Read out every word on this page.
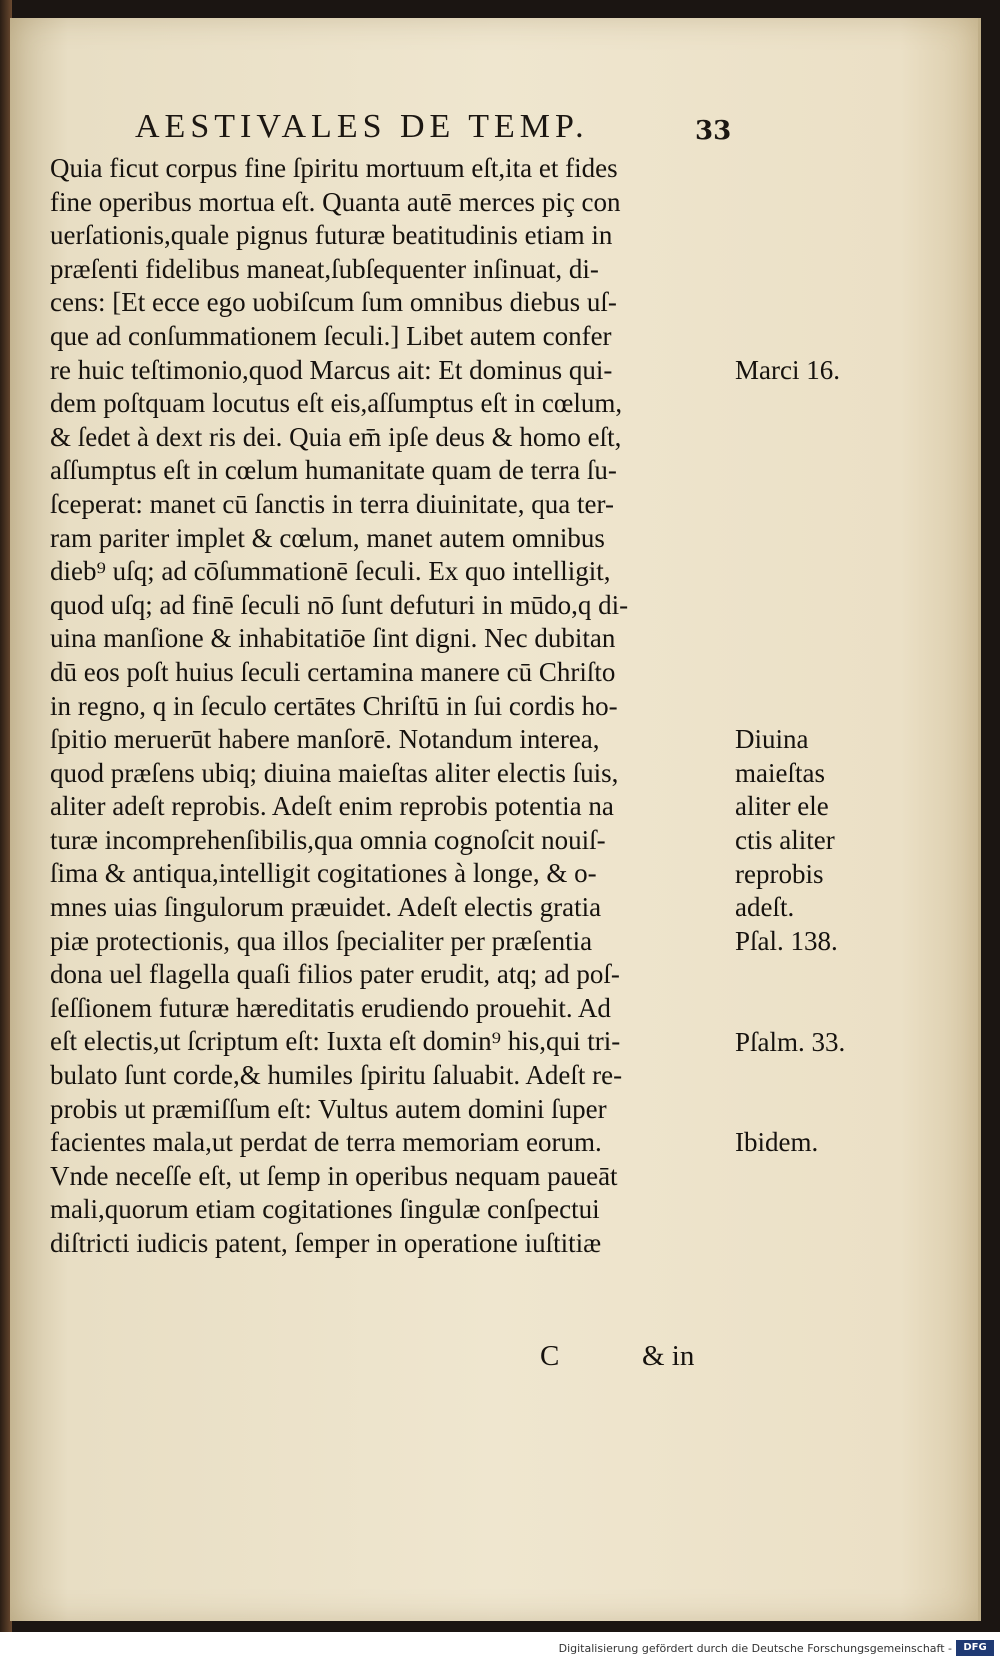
AESTIVALES DE TEMP.	33
Quia ficut corpus fine ſpiritu mortuum eſt,ita et fides
fine operibus mortua eſt. Quanta autē merces piç con
uerſationis,quale pignus futuræ beatitudinis etiam in
præſenti fidelibus maneat,ſubſequenter inſinuat, di-
cens: [Et ecce ego uobiſcum ſum omnibus diebus uſ-
que ad conſummationem ſeculi.] Libet autem confer
re huic teſtimonio,quod Marcus ait: Et dominus qui-
dem poſtquam locutus eſt eis,aſſumptus eſt in cœlum,
& ſedet à dext ris dei. Quia em̄ ipſe deus & homo eſt,
aſſumptus eſt in cœlum humanitate quam de terra ſu-
ſceperat: manet cū ſanctis in terra diuinitate, qua ter-
ram pariter implet & cœlum, manet autem omnibus
dieb⁹ uſq; ad cōſummationē ſeculi. Ex quo intelligit,
quod uſq; ad finē ſeculi nō ſunt defuturi in mūdo,q di-
uina manſione & inhabitatiōe ſint digni. Nec dubitan
dū eos poſt huius ſeculi certamina manere cū Chriſto
in regno, q in ſeculo certātes Chriſtū in ſui cordis ho-
ſpitio meruerūt habere manſorē. Notandum interea,
quod præſens ubiq; diuina maieſtas aliter electis ſuis,
aliter adeſt reprobis. Adeſt enim reprobis potentia na
turæ incomprehenſibilis,qua omnia cognoſcit nouiſ-
ſima & antiqua,intelligit cogitationes à longe, & o-
mnes uias ſingulorum præuidet. Adeſt electis gratia
piæ protectionis, qua illos ſpecialiter per præſentia
dona uel flagella quaſi filios pater erudit, atq; ad poſ-
ſeſſionem futuræ hæreditatis erudiendo prouehit. Ad
eſt electis,ut ſcriptum eſt: Iuxta eſt domin⁹ his,qui tri-
bulato ſunt corde,& humiles ſpiritu ſaluabit. Adeſt re-
probis ut præmiſſum eſt: Vultus autem domini ſuper
facientes mala,ut perdat de terra memoriam eorum.
Vnde neceſſe eſt, ut ſemp in operibus nequam paueāt
mali,quorum etiam cogitationes ſingulæ conſpectui
diſtricti iudicis patent, ſemper in operatione iuſtitiæ
Marci 16.
Diuina
maieſtas
aliter ele
ctis aliter
reprobis
adeſt.
Pſal. 138.
Pſalm. 33.
Ibidem.
C	& in
Digitalisierung gefördert durch die Deutsche Forschungsgemeinschaft -	DFG
